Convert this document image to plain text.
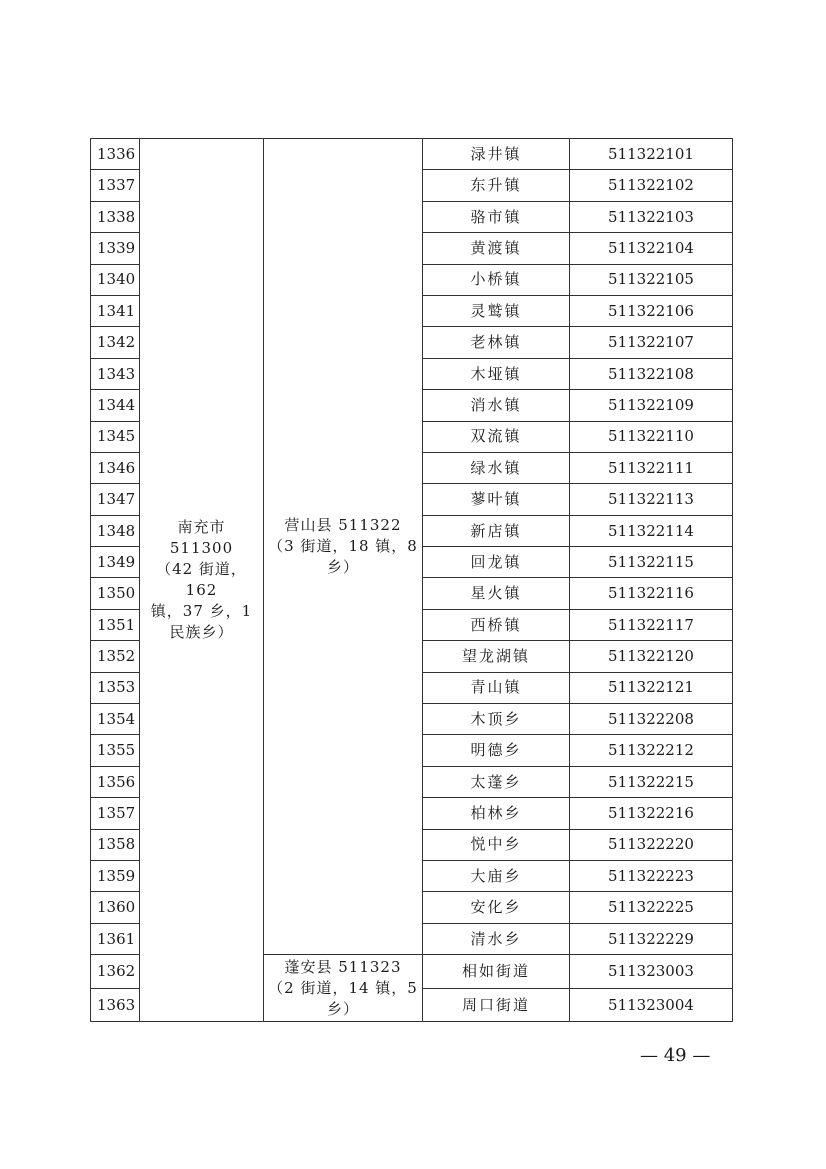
1336	南充市 511300
（42 街道，162
镇，37 乡，1
民族乡）	营山县 511322
（3 街道，18 镇，8
乡）	渌井镇	511322101
1337			东升镇	511322102
1338			骆市镇	511322103
1339			黄渡镇	511322104
1340			小桥镇	511322105
1341			灵鹫镇	511322106
1342			老林镇	511322107
1343			木垭镇	511322108
1344			消水镇	511322109
1345			双流镇	511322110
1346			绿水镇	511322111
1347			蓼叶镇	511322113
1348			新店镇	511322114
1349			回龙镇	511322115
1350			星火镇	511322116
1351			西桥镇	511322117
1352			望龙湖镇	511322120
1353			青山镇	511322121
1354			木顶乡	511322208
1355			明德乡	511322212
1356			太蓬乡	511322215
1357			柏林乡	511322216
1358			悦中乡	511322220
1359			大庙乡	511322223
1360			安化乡	511322225
1361			清水乡	511322229
1362		蓬安县 511323
（2 街道，14 镇，5
乡）	相如街道	511323003
1363			周口街道	511323004
— 49 —
